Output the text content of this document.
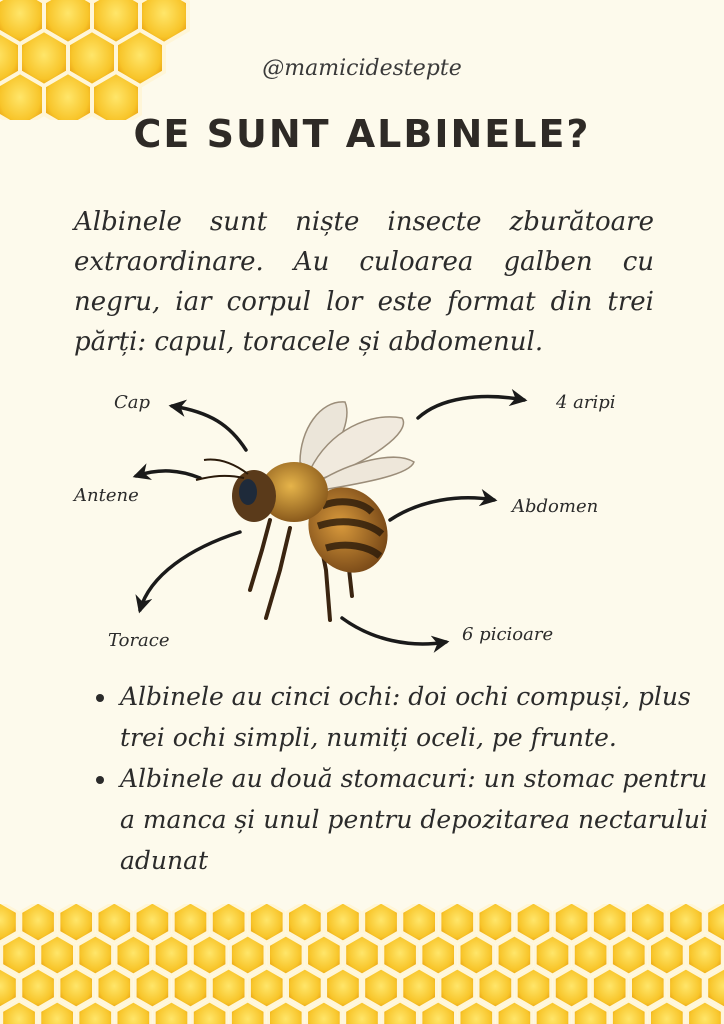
@mamicidestepte
CE SUNT ALBINELE?
Albinele sunt niște insecte zburătoare extraordinare. Au culoarea galben cu negru, iar corpul lor este format din trei părți: capul, toracele și abdomenul.
Cap
Antene
Torace
4 aripi
Abdomen
6 picioare
• Albinele au cinci ochi: doi ochi compuși, plus trei ochi simpli, numiți oceli, pe frunte.
• Albinele au două stomacuri: un stomac pentru a manca și unul pentru depozitarea nectarului adunat
